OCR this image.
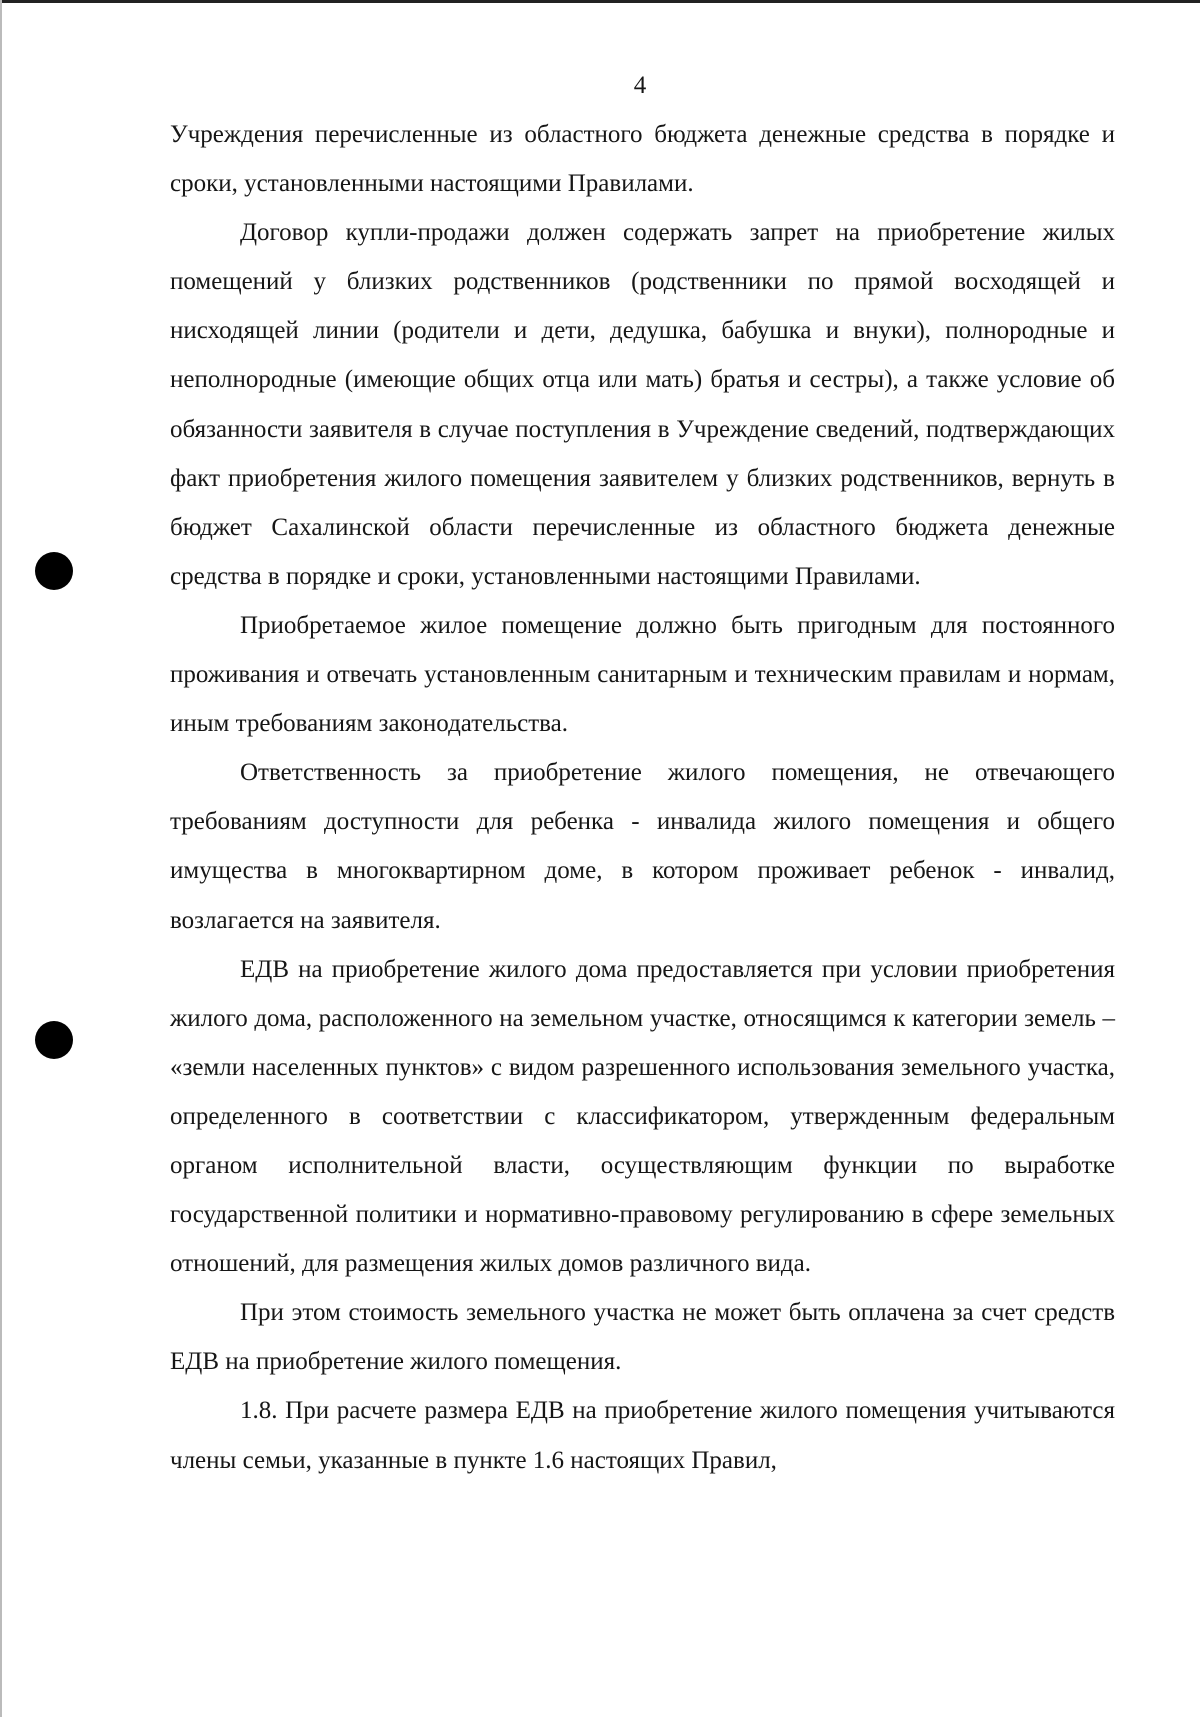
4

Учреждения перечисленные из областного бюджета денежные средства в порядке и сроки, установленными настоящими Правилами.

Договор купли-продажи должен содержать запрет на приобретение жилых помещений у близких родственников (родственники по прямой восходящей и нисходящей линии (родители и дети, дедушка, бабушка и внуки), полнородные и неполнородные (имеющие общих отца или мать) братья и сестры), а также условие об обязанности заявителя в случае поступления в Учреждение сведений, подтверждающих факт приобретения жилого помещения заявителем у близких родственников, вернуть в бюджет Сахалинской области перечисленные из областного бюджета денежные средства в порядке и сроки, установленными настоящими Правилами.

Приобретаемое жилое помещение должно быть пригодным для постоянного проживания и отвечать установленным санитарным и техническим правилам и нормам, иным требованиям законодательства.

Ответственность за приобретение жилого помещения, не отвечающего требованиям доступности для ребенка - инвалида жилого помещения и общего имущества в многоквартирном доме, в котором проживает ребенок - инвалид, возлагается на заявителя.

ЕДВ на приобретение жилого дома предоставляется при условии приобретения жилого дома, расположенного на земельном участке, относящимся к категории земель – «земли населенных пунктов» с видом разрешенного использования земельного участка, определенного в соответствии с классификатором, утвержденным федеральным органом исполнительной власти, осуществляющим функции по выработке государственной политики и нормативно-правовому регулированию в сфере земельных отношений, для размещения жилых домов различного вида.

При этом стоимость земельного участка не может быть оплачена за счет средств ЕДВ на приобретение жилого помещения.

1.8. При расчете размера ЕДВ на приобретение жилого помещения учитываются члены семьи, указанные в пункте 1.6 настоящих Правил,
